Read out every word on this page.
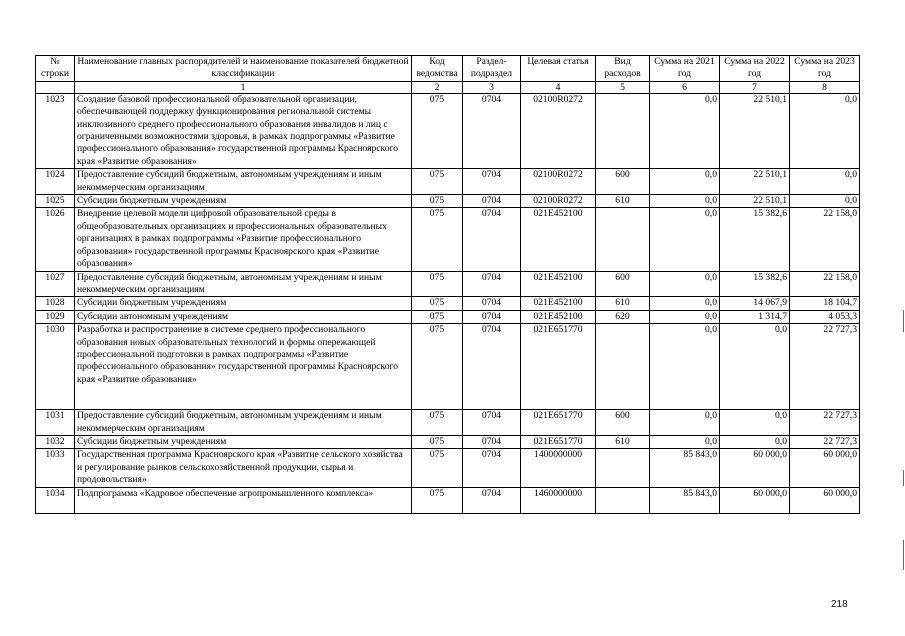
№ строки	Наименование главных распорядителей и наименование показателей бюджетной классификации	Код ведомства	Раздел-подраздел	Целевая статья	Вид расходов	Сумма на 2021 год	Сумма на 2022 год	Сумма на 2023 год
	1	2	3	4	5	6	7	8
1023	Создание базовой профессиональной образовательной организации, обеспечивающей поддержку функционирования региональной системы инклюзивного среднего профессионального образования инвалидов и лиц с ограниченными возможностями здоровья, в рамках подпрограммы «Развитие профессионального образования» государственной программы Красноярского края «Развитие образования»	075	0704	02100R0272		0,0	22 510,1	0,0
1024	Предоставление субсидий бюджетным, автономным учреждениям и иным некоммерческим организациям	075	0704	02100R0272	600	0,0	22 510,1	0,0
1025	Субсидии бюджетным учреждениям	075	0704	02100R0272	610	0,0	22 510,1	0,0
1026	Внедрение целевой модели цифровой образовательной среды в общеобразовательных организациях и профессиональных образовательных организациях в рамках подпрограммы «Развитие профессионального образования» государственной программы Красноярского края «Развитие образования»	075	0704	021E452100		0,0	15 382,6	22 158,0
1027	Предоставление субсидий бюджетным, автономным учреждениям и иным некоммерческим организациям	075	0704	021E452100	600	0,0	15 382,6	22 158,0
1028	Субсидии бюджетным учреждениям	075	0704	021E452100	610	0,0	14 067,9	18 104,7
1029	Субсидии автономным учреждениям	075	0704	021E452100	620	0,0	1 314,7	4 053,3
1030	Разработка и распространение в системе среднего профессионального образования новых образовательных технологий и формы опережающей профессиональной подготовки в рамках подпрограммы «Развитие профессионального образования» государственной программы Красноярского края «Развитие образования»	075	0704	021E651770		0,0	0,0	22 727,3
1031	Предоставление субсидий бюджетным, автономным учреждениям и иным некоммерческим организациям	075	0704	021E651770	600	0,0	0,0	22 727,3
1032	Субсидии бюджетным учреждениям	075	0704	021E651770	610	0,0	0,0	22 727,3
1033	Государственная программа Красноярского края «Развитие сельского хозяйства и регулирование рынков сельскохозяйственной продукции, сырья и продовольствия»	075	0704	1400000000		85 843,0	60 000,0	60 000,0
1034	Подпрограмма «Кадровое обеспечение агропромышленного комплекса»	075	0704	1460000000		85 843,0	60 000,0	60 000,0
218
